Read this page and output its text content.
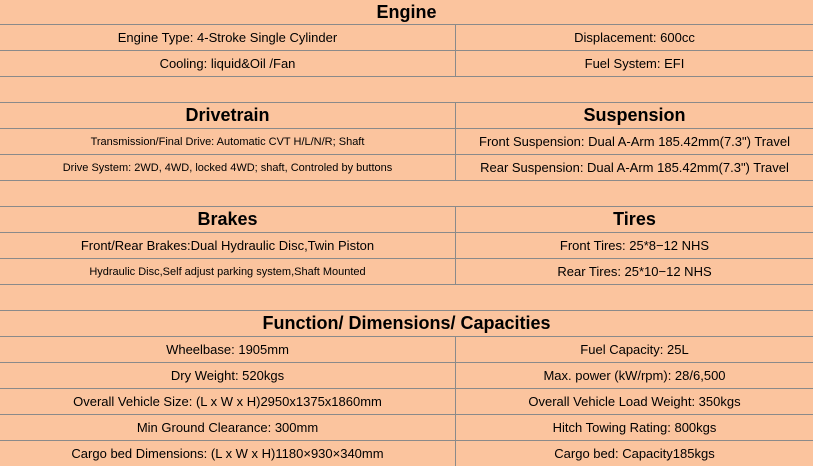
Engine
Engine Type: 4-Stroke Single Cylinder	Displacement: 600cc
Cooling: liquid&Oil /Fan	Fuel System: EFI
Drivetrain	Suspension
Transmission/Final Drive: Automatic CVT H/L/N/R; Shaft	Front Suspension: Dual A-Arm 185.42mm(7.3") Travel
Drive System: 2WD, 4WD, locked 4WD; shaft, Controled by buttons	Rear Suspension: Dual A-Arm 185.42mm(7.3") Travel
Brakes	Tires
Front/Rear Brakes:Dual Hydraulic Disc,Twin Piston	Front Tires: 25*8−12 NHS
Hydraulic Disc,Self adjust parking system,Shaft Mounted	Rear Tires: 25*10−12 NHS
Function/ Dimensions/ Capacities
Wheelbase: 1905mm	Fuel Capacity: 25L
Dry Weight: 520kgs	Max. power (kW/rpm): 28/6,500
Overall Vehicle Size: (L x W x H)2950x1375x1860mm	Overall Vehicle Load Weight: 350kgs
Min Ground Clearance: 300mm	Hitch Towing Rating: 800kgs
Cargo bed Dimensions: (L x W x H)1180×930×340mm	Cargo bed: Capacity185kgs
